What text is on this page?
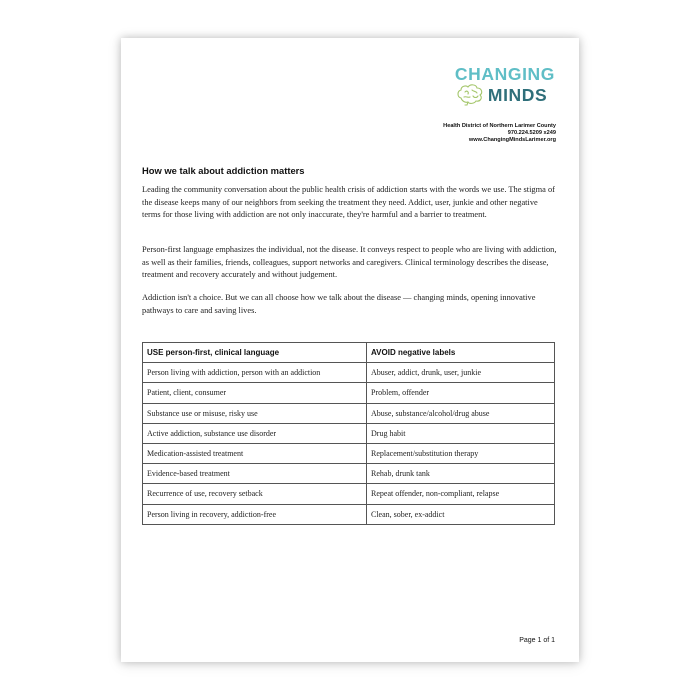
CHANGING
MINDS
Health District of Northern Larimer County
970.224.5209 x249
www.ChangingMindsLarimer.org
How we talk about addiction matters

Leading the community conversation about the public health crisis of addiction starts with the words we use. The stigma of the disease keeps many of our neighbors from seeking the treatment they need. Addict, user, junkie and other negative terms for those living with addiction are not only inaccurate, they're harmful and a barrier to treatment.

Person-first language emphasizes the individual, not the disease. It conveys respect to people who are living with addiction, as well as their families, friends, colleagues, support networks and caregivers. Clinical terminology describes the disease, treatment and recovery accurately and without judgement.

Addiction isn't a choice. But we can all choose how we talk about the disease — changing minds, opening innovative pathways to care and saving lives.

USE person-first, clinical language	AVOID negative labels
Person living with addiction, person with an addiction	Abuser, addict, drunk, user, junkie
Patient, client, consumer	Problem, offender
Substance use or misuse, risky use	Abuse, substance/alcohol/drug abuse
Active addiction, substance use disorder	Drug habit
Medication-assisted treatment	Replacement/substitution therapy
Evidence-based treatment	Rehab, drunk tank
Recurrence of use, recovery setback	Repeat offender, non-compliant, relapse
Person living in recovery, addiction-free	Clean, sober, ex-addict
Page 1 of 1
